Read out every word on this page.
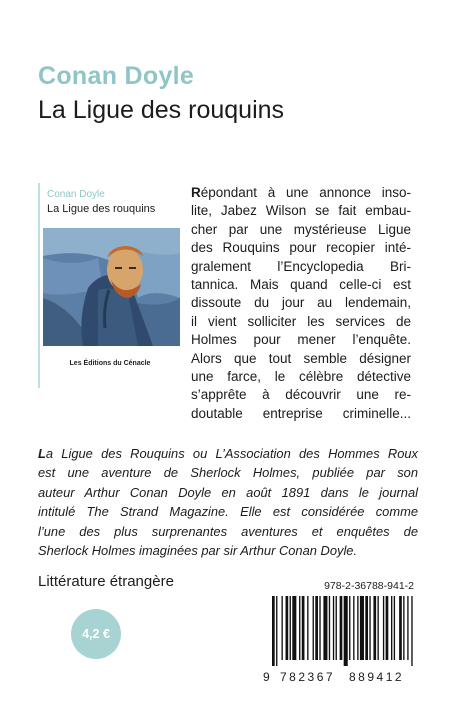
Conan Doyle
La Ligue des rouquins
Conan Doyle
La Ligue des rouquins
Les Éditions du Cénacle
Répondant à une annonce inso-
lite, Jabez Wilson se fait embau-
cher par une mystérieuse Ligue
des Rouquins pour recopier inté-
gralement l’Encyclopedia Bri-
tannica. Mais quand celle-ci est
dissoute du jour au lendemain,
il vient solliciter les services de
Holmes pour mener l’enquête.
Alors que tout semble désigner
une farce, le célèbre détective
s’apprête à découvrir une re-
doutable entreprise criminelle...
La Ligue des Rouquins ou L’Association des Hommes Roux
est une aventure de Sherlock Holmes, publiée par son
auteur Arthur Conan Doyle en août 1891 dans le journal
intitulé The Strand Magazine. Elle est considérée comme
l’une des plus surprenantes aventures et enquêtes de
Sherlock Holmes imaginées par sir Arthur Conan Doyle.
Littérature étrangère
4,2 €
978-2-36788-941-2
9 782367 889412
